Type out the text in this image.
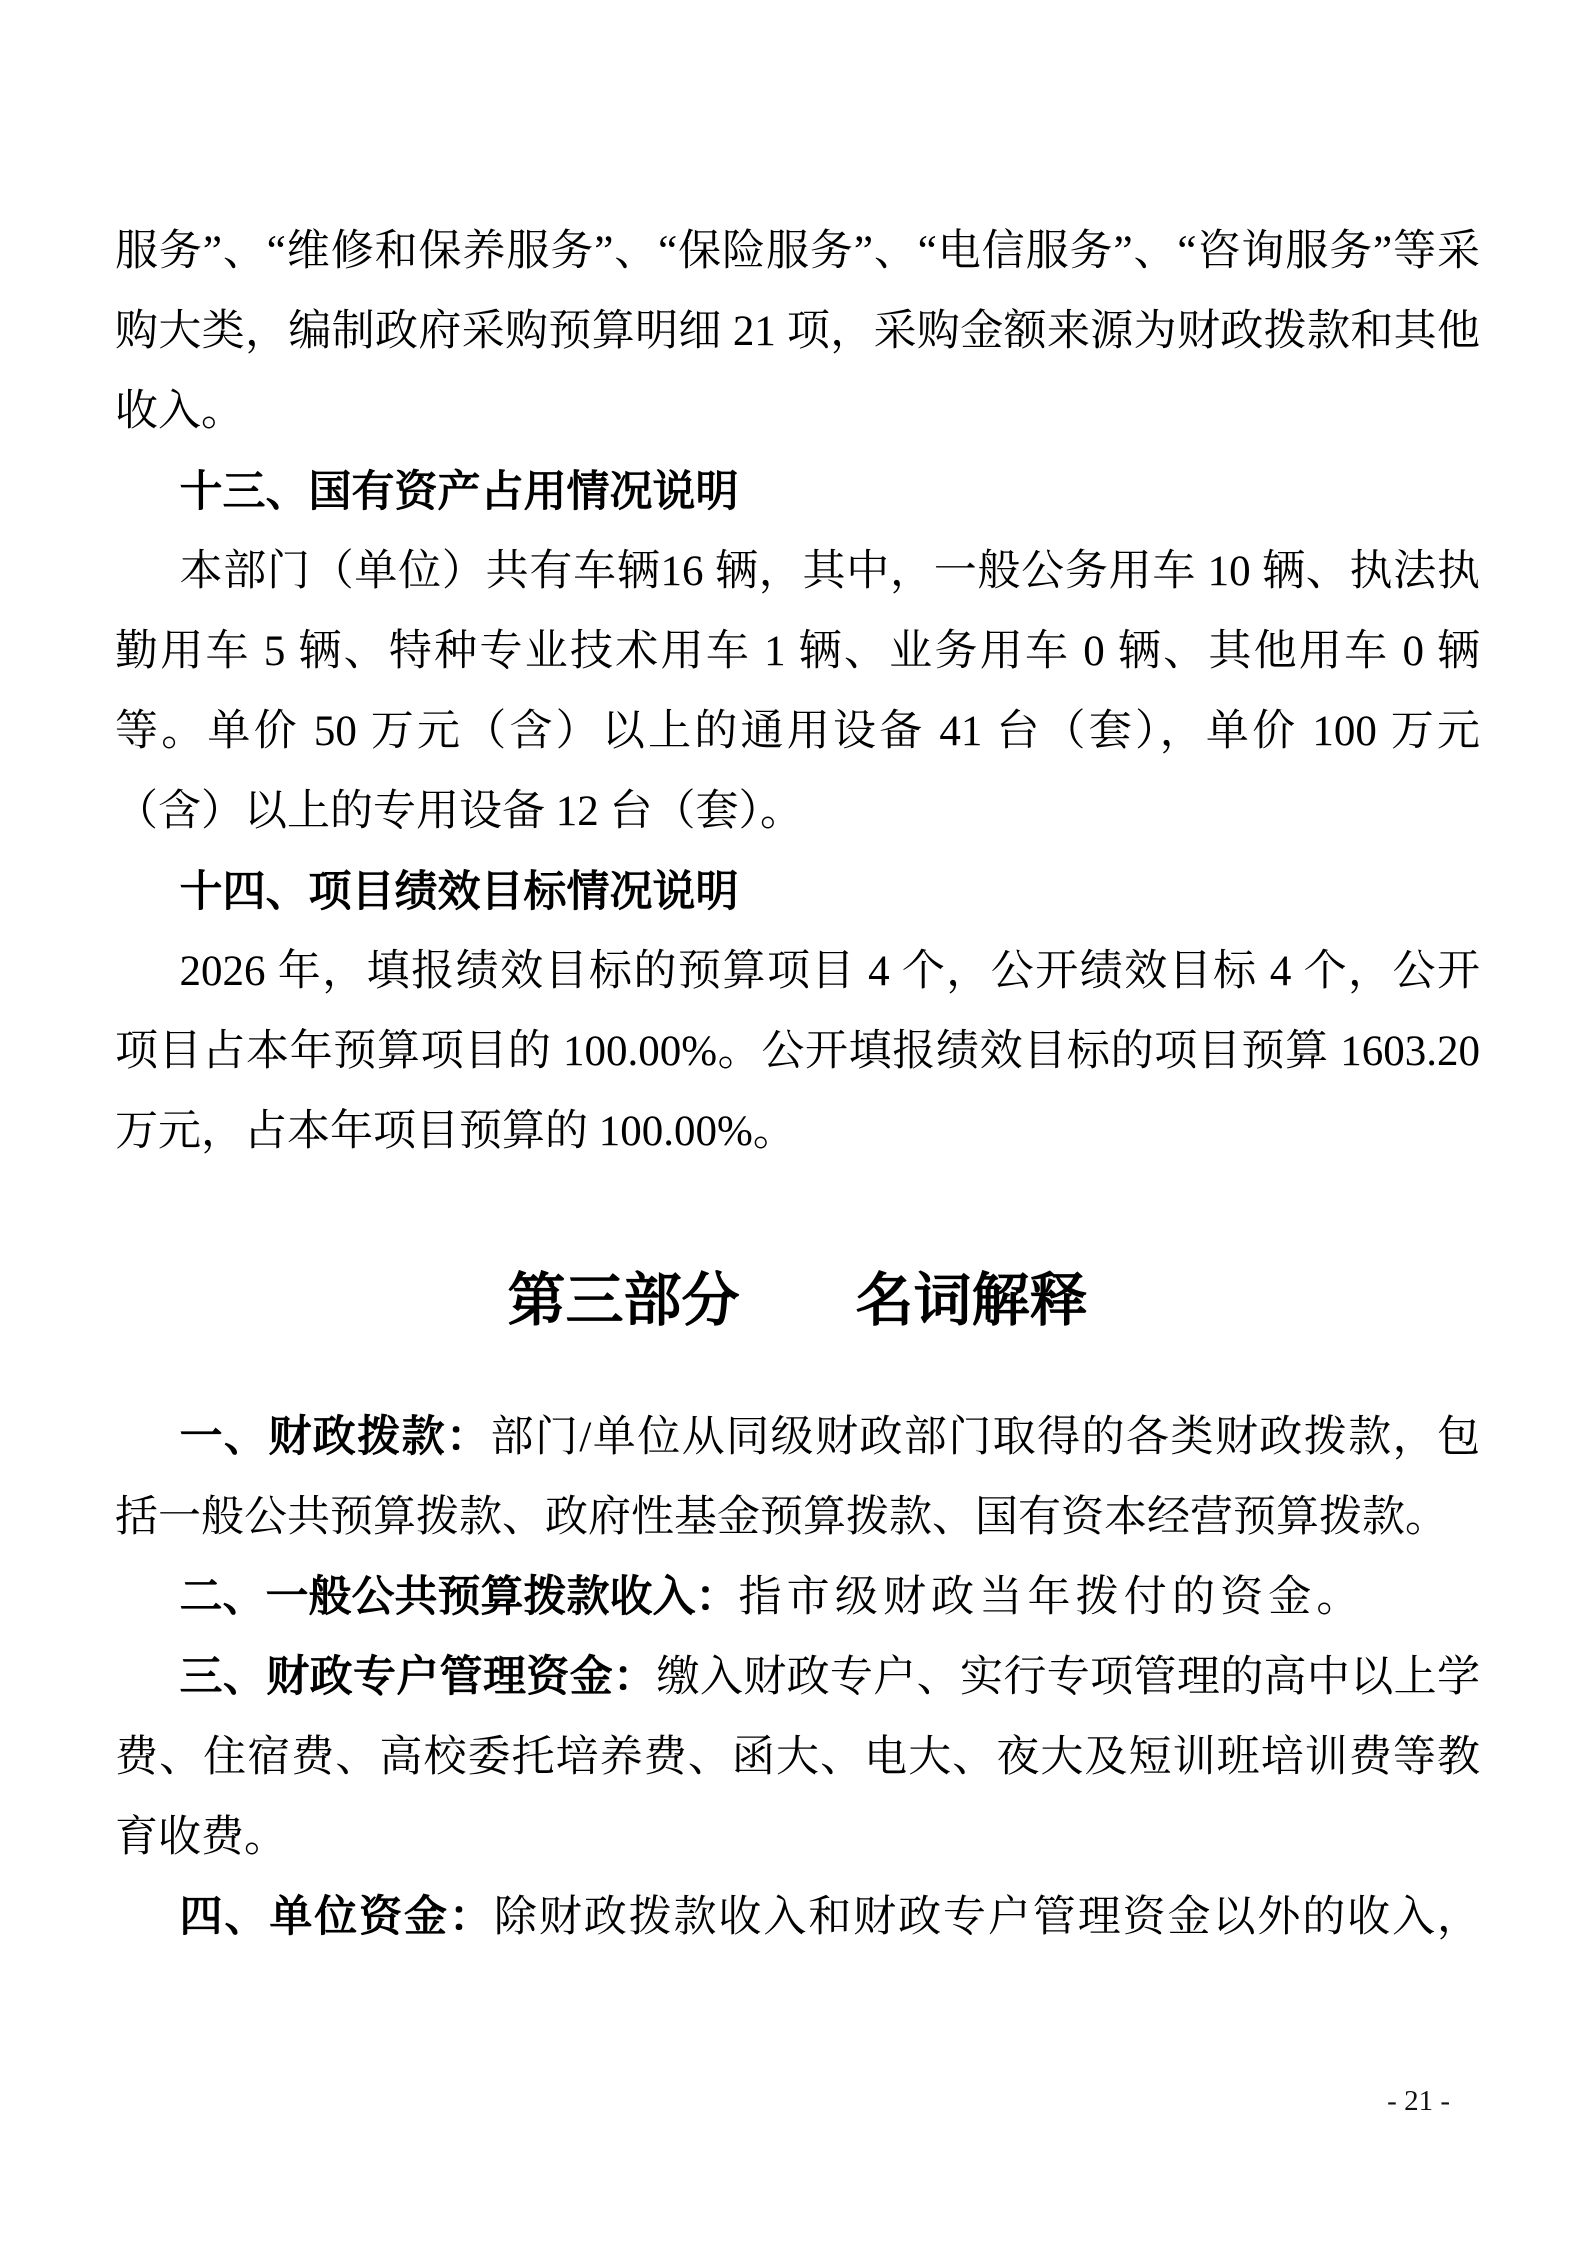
服务”、“维修和保养服务”、“保险服务”、“电信服务”、“咨询服务”等采购大类，编制政府采购预算明细 21 项，采购金额来源为财政拨款和其他收入。

十三、国有资产占用情况说明

本部门（单位）共有车辆16 辆，其中，一般公务用车 10 辆、执法执勤用车 5 辆、特种专业技术用车 1 辆、业务用车 0 辆、其他用车 0 辆等。单价 50 万元（含）以上的通用设备 41 台（套），单价 100 万元（含）以上的专用设备 12 台（套）。

十四、项目绩效目标情况说明

2026 年，填报绩效目标的预算项目 4 个，公开绩效目标 4 个，公开项目占本年预算项目的 100.00%。公开填报绩效目标的项目预算 1603.20 万元，占本年项目预算的 100.00%。

第三部分　　名词解释

一、财政拨款：部门/单位从同级财政部门取得的各类财政拨款，包括一般公共预算拨款、政府性基金预算拨款、国有资本经营预算拨款。

二、一般公共预算拨款收入：指市级财政当年拨付的资金。

三、财政专户管理资金：缴入财政专户、实行专项管理的高中以上学费、住宿费、高校委托培养费、函大、电大、夜大及短训班培训费等教育收费。

四、单位资金：除财政拨款收入和财政专户管理资金以外的收入，

- 21 -
